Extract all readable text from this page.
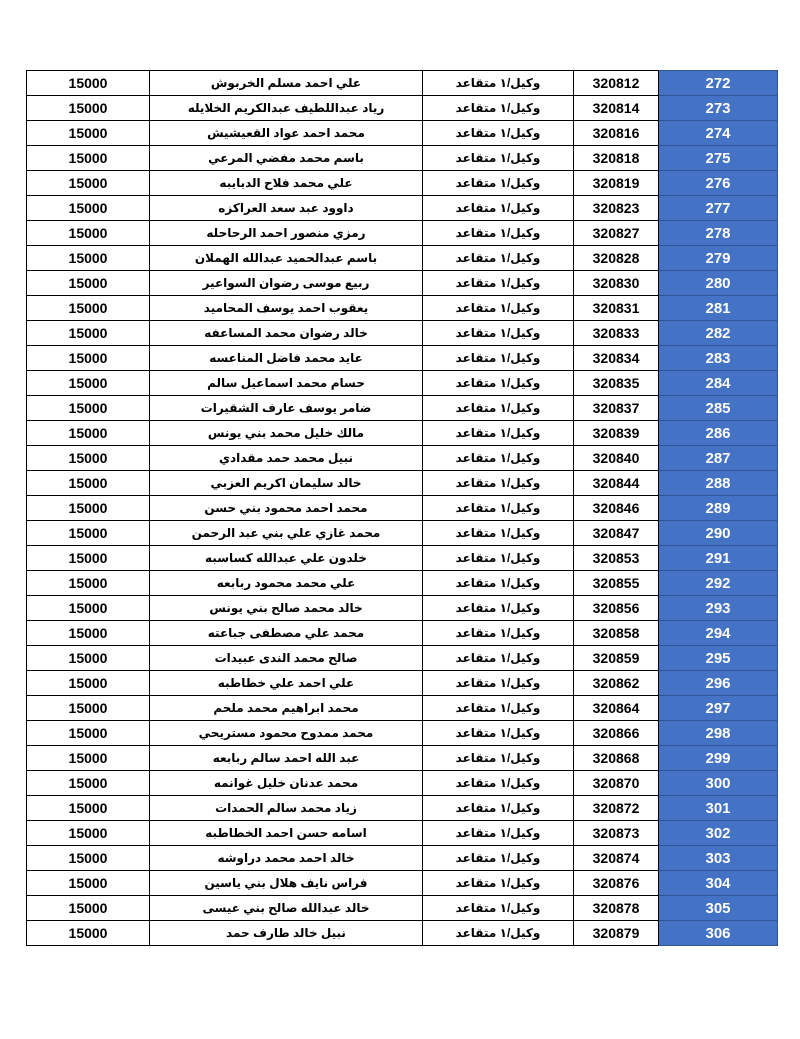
15000	علي احمد مسلم الخربوش	وكيل/١ متقاعد	320812	272
15000	رياد عبداللطيف عبدالكريم الخلايله	وكيل/١ متقاعد	320814	273
15000	محمد احمد عواد القعيشيش	وكيل/١ متقاعد	320816	274
15000	باسم محمد مفضي المرعي	وكيل/١ متقاعد	320818	275
15000	علي محمد فلاح الدبايبه	وكيل/١ متقاعد	320819	276
15000	داوود عبد سعد العراكزه	وكيل/١ متقاعد	320823	277
15000	رمزي منصور احمد الرحاحله	وكيل/١ متقاعد	320827	278
15000	باسم عبدالحميد عبدالله الهملان	وكيل/١ متقاعد	320828	279
15000	ربيع موسى رضوان السواعير	وكيل/١ متقاعد	320830	280
15000	يعقوب احمد يوسف المحاميد	وكيل/١ متقاعد	320831	281
15000	خالد رضوان محمد المساعفه	وكيل/١ متقاعد	320833	282
15000	عايد محمد فاضل المناعسه	وكيل/١ متقاعد	320834	283
15000	حسام محمد اسماعيل سالم	وكيل/١ متقاعد	320835	284
15000	ضامر يوسف عارف الشقيرات	وكيل/١ متقاعد	320837	285
15000	مالك خليل محمد بني يونس	وكيل/١ متقاعد	320839	286
15000	نبيل محمد حمد مقدادي	وكيل/١ متقاعد	320840	287
15000	خالد سليمان اكريم العزبي	وكيل/١ متقاعد	320844	288
15000	محمد احمد محمود بني حسن	وكيل/١ متقاعد	320846	289
15000	محمد غازي علي بني عبد الرحمن	وكيل/١ متقاعد	320847	290
15000	خلدون علي عبدالله كساسبه	وكيل/١ متقاعد	320853	291
15000	علي محمد محمود ربابعه	وكيل/١ متقاعد	320855	292
15000	خالد محمد صالح بني يونس	وكيل/١ متقاعد	320856	293
15000	محمد علي مصطفى جباعته	وكيل/١ متقاعد	320858	294
15000	صالح محمد الندى عبيدات	وكيل/١ متقاعد	320859	295
15000	علي احمد علي خطاطبه	وكيل/١ متقاعد	320862	296
15000	محمد ابراهيم محمد ملحم	وكيل/١ متقاعد	320864	297
15000	محمد ممدوح محمود مستريحي	وكيل/١ متقاعد	320866	298
15000	عبد الله احمد سالم ربابعه	وكيل/١ متقاعد	320868	299
15000	محمد عدنان خليل غوانمه	وكيل/١ متقاعد	320870	300
15000	زياد محمد سالم الحمدات	وكيل/١ متقاعد	320872	301
15000	اسامه حسن احمد الخطاطبه	وكيل/١ متقاعد	320873	302
15000	خالد احمد محمد دراوشه	وكيل/١ متقاعد	320874	303
15000	فراس نايف هلال بني ياسين	وكيل/١ متقاعد	320876	304
15000	خالد عبدالله صالح بني عيسى	وكيل/١ متقاعد	320878	305
15000	نبيل خالد طارف حمد	وكيل/١ متقاعد	320879	306
